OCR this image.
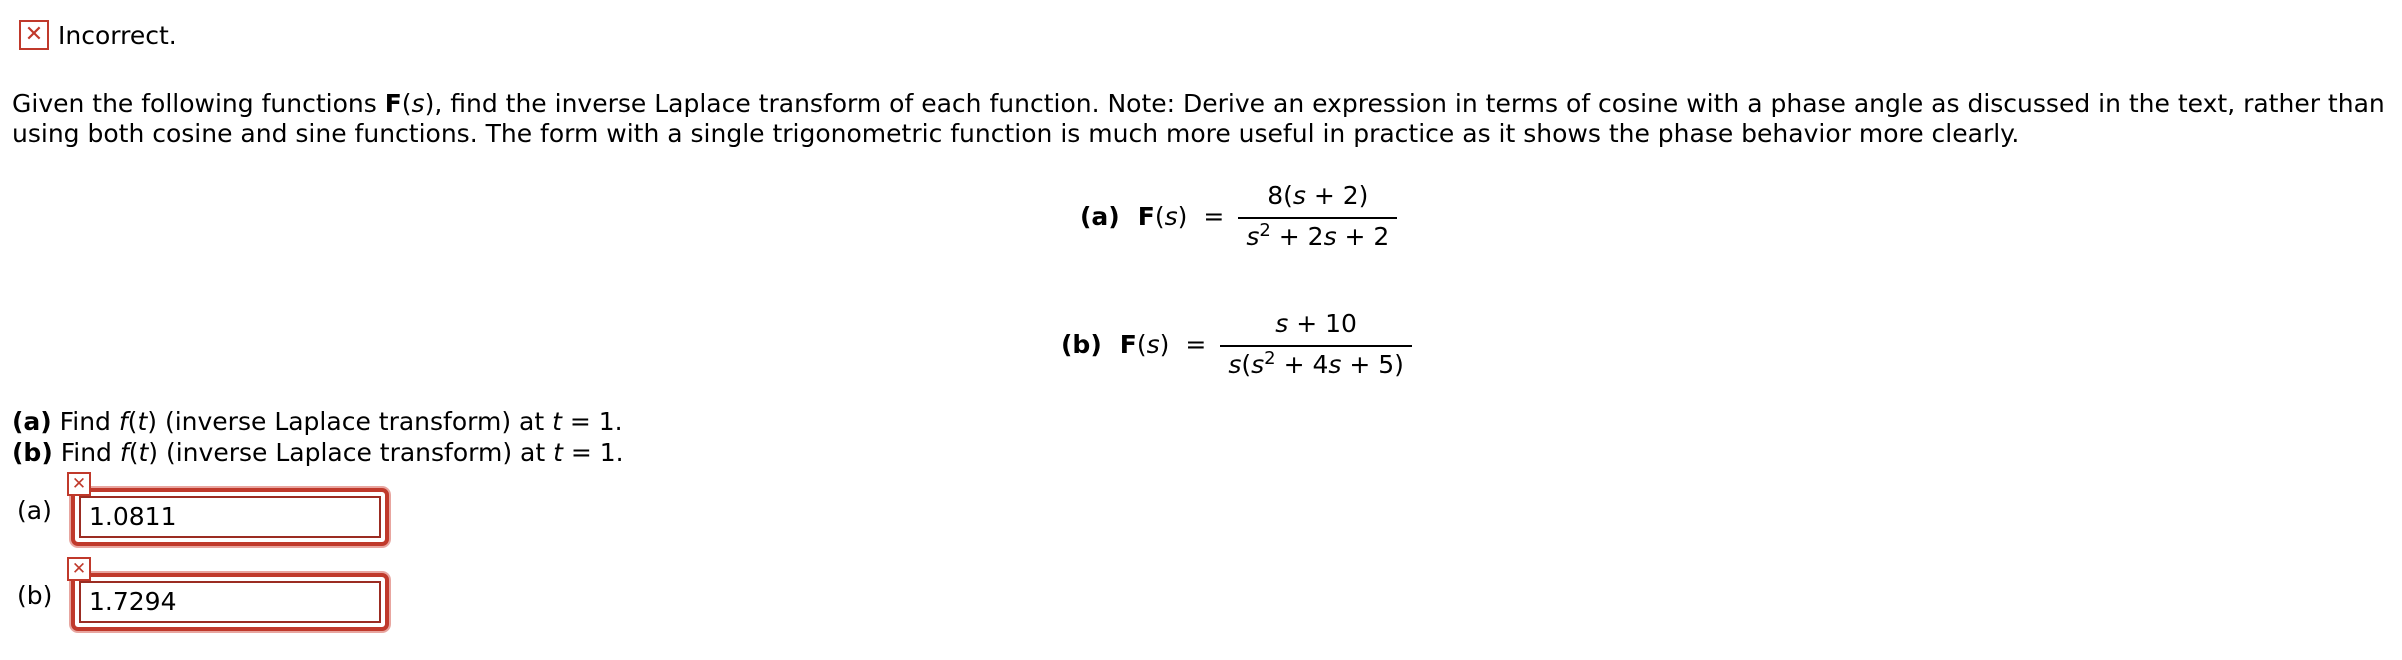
✕ Incorrect.
Given the following functions F(s), find the inverse Laplace transform of each function. Note: Derive an expression in terms of cosine with a phase angle as discussed in the text, rather than using both cosine and sine functions. The form with a single trigonometric function is much more useful in practice as it shows the phase behavior more clearly.
(a) F ( s ) = $\frac{8(s + 2)}{s^2 + 2s + 2}$
(b) F ( s ) = $\frac{s + 10}{s(s^2 + 4s + 5)}$
(a) Find f(t) (inverse Laplace transform) at t = 1.
(b) Find f(t) (inverse Laplace transform) at t = 1.
(a)
✕
1.0811
(b)
✕
1.7294
